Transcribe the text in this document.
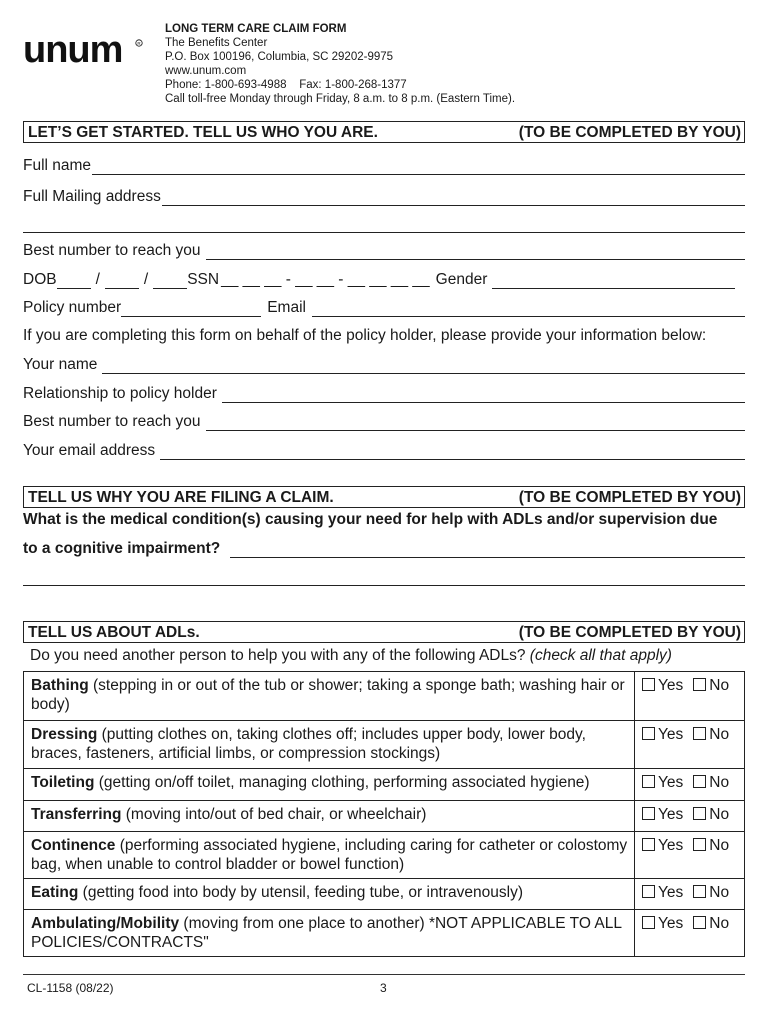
unum	R
LONG TERM CARE CLAIM FORM
The Benefits Center
P.O. Box 100196, Columbia, SC 29202-9975
www.unum.com
Phone: 1-800-693-4988    Fax: 1-800-268-1377
Call toll-free Monday through Friday, 8 a.m. to 8 p.m. (Eastern Time).
LET’S GET STARTED. TELL US WHO YOU ARE.	(TO BE COMPLETED BY YOU)
Full name
Full Mailing address
Best number to reach you
DOB	/	/	SSN __ __ __ - __ __ - __ __ __ __ Gender
Policy number	Email
If you are completing this form on behalf of the policy holder, please provide your information below:
Your name
Relationship to policy holder
Best number to reach you
Your email address
TELL US WHY YOU ARE FILING A CLAIM.	(TO BE COMPLETED BY YOU)
What is the medical condition(s) causing your need for help with ADLs and/or supervision due
to a cognitive impairment?
TELL US ABOUT ADLs.	(TO BE COMPLETED BY YOU)
Do you need another person to help you with any of the following ADLs? (check all that apply)
Bathing (stepping in or out of the tub or shower; taking a sponge bath; washing hair or body)	Yes No
Dressing (putting clothes on, taking clothes off; includes upper body, lower body, braces, fasteners, artificial limbs, or compression stockings)	Yes No
Toileting (getting on/off toilet, managing clothing, performing associated hygiene)	Yes No
Transferring (moving into/out of bed chair, or wheelchair)	Yes No
Continence (performing associated hygiene, including caring for catheter or colostomy bag, when unable to control bladder or bowel function)	Yes No
Eating (getting food into body by utensil, feeding tube, or intravenously)	Yes No
Ambulating/Mobility (moving from one place to another) *NOT APPLICABLE TO ALL POLICIES/CONTRACTS"	Yes No
CL-1158 (08/22)	3
